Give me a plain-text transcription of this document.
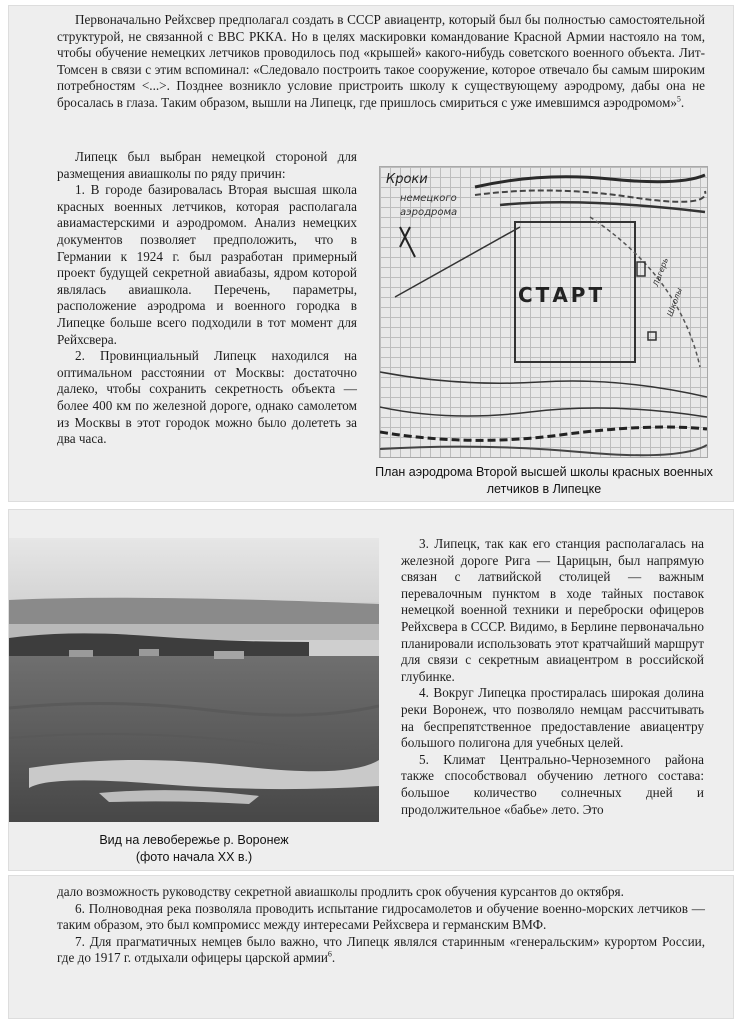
Первоначально Рейхсвер предполагал создать в СССР авиацентр, который был бы полностью самостоятельной структурой, не связанной с ВВС РККА. Но в целях маскировки командование Красной Армии настояло на том, чтобы обучение немецких летчиков проводилось под «крышей» какого-нибудь советского военного объекта. Лит-Томсен в связи с этим вспоминал: «Следовало построить такое сооружение, которое отвечало бы самым широким потребностям <...>. Позднее возникло условие пристроить школу к существующему аэродрому, дабы она не бросалась в глаза. Таким образом, вышли на Липецк, где пришлось смириться с уже имевшимся аэродромом»$^5$.

Липецк был выбран немецкой стороной для размещения авиашколы по ряду причин:

1. В городе базировалась Вторая высшая школа красных военных летчиков, которая располагала авиамастерскими и аэродромом. Анализ немецких документов позволяет предположить, что в Германии к 1924 г. был разработан примерный проект будущей секретной авиабазы, ядром которой являлась авиашкола. Перечень, параметры, расположение аэродрома и военного городка в Липецке больше всего подходили в тот момент для Рейхсвера.

2. Провинциальный Липецк находился на оптимальном расстоянии от Москвы: достаточно далеко, чтобы сохранить секретность объекта — более 400 км по железной дороге, однако самолетом из Москвы в этот городок можно было долететь за два часа.

Кроки
немецкого
аэродрома
СТАРТ
Лагерь
Школы
План аэродрома Второй высшей школы красных военных летчиков в Липецке
Вид на левобережье р. Воронеж
(фото начала XX в.)

3. Липецк, так как его станция располагалась на железной дороге Рига — Царицын, был напрямую связан с латвийской столицей — важным перевалочным пунктом в ходе тайных поставок немецкой военной техники и переброски офицеров Рейхсвера в СССР. Видимо, в Берлине первоначально планировали использовать этот кратчайший маршрут для связи с секретным авиацентром в российской глубинке.

4. Вокруг Липецка простиралась широкая долина реки Воронеж, что позволяло немцам рассчитывать на беспрепятственное предоставление авиацентру большого полигона для учебных целей.

5. Климат Центрально-Черноземного района также способствовал обучению летного состава: большое количество солнечных дней и продолжительное «бабье» лето. Это

дало возможность руководству секретной авиашколы продлить срок обучения курсантов до октября.

6. Полноводная река позволяла проводить испытание гидросамолетов и обучение военно-морских летчиков — таким образом, это был компромисс между интересами Рейхсвера и германским ВМФ.

7. Для прагматичных немцев было важно, что Липецк являлся старинным «генеральским» курортом России, где до 1917 г. отдыхали офицеры царской армии$^6$.
